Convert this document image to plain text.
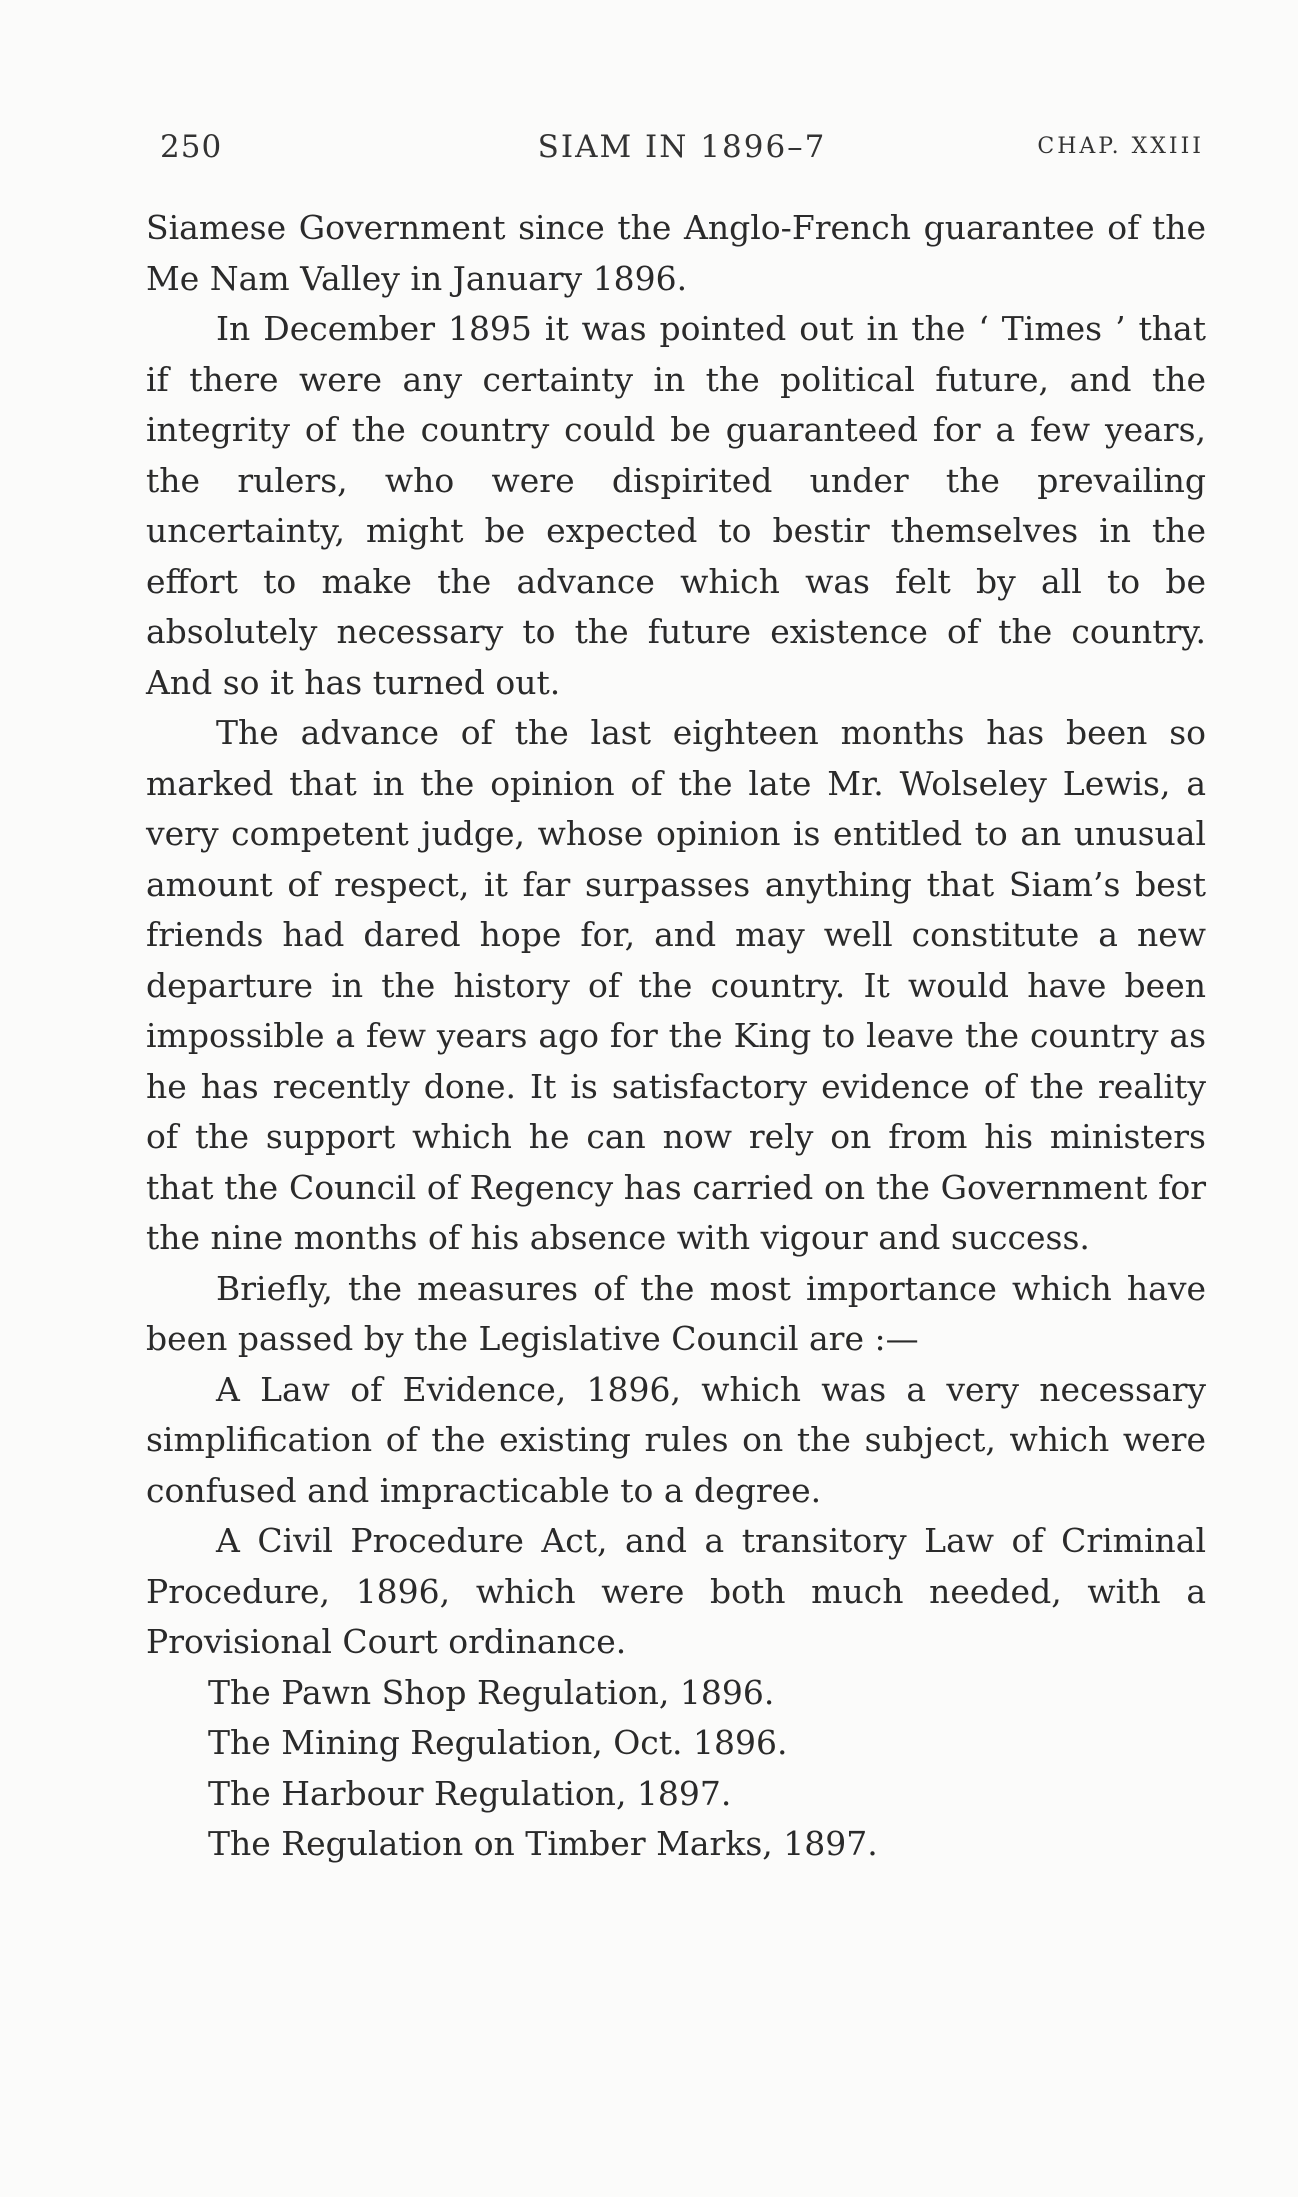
250	SIAM IN 1896–7	CHAP. XXIII

Siamese Government since the Anglo-French guarantee of the Me Nam Valley in January 1896.

In December 1895 it was pointed out in the ‘ Times ’ that if there were any certainty in the political future, and the integrity of the country could be guaranteed for a few years, the rulers, who were dispirited under the prevailing uncertainty, might be expected to bestir themselves in the effort to make the advance which was felt by all to be absolutely necessary to the future existence of the country. And so it has turned out.

The advance of the last eighteen months has been so marked that in the opinion of the late Mr. Wolseley Lewis, a very competent judge, whose opinion is entitled to an unusual amount of respect, it far surpasses anything that Siam’s best friends had dared hope for, and may well constitute a new departure in the history of the country. It would have been impossible a few years ago for the King to leave the country as he has recently done. It is satisfactory evidence of the reality of the support which he can now rely on from his ministers that the Council of Regency has carried on the Government for the nine months of his absence with vigour and success.

Briefly, the measures of the most importance which have been passed by the Legislative Council are :—

A Law of Evidence, 1896, which was a very necessary simplification of the existing rules on the subject, which were confused and impracticable to a degree.

A Civil Procedure Act, and a transitory Law of Criminal Procedure, 1896, which were both much needed, with a Provisional Court ordinance.

The Pawn Shop Regulation, 1896.

The Mining Regulation, Oct. 1896.

The Harbour Regulation, 1897.

The Regulation on Timber Marks, 1897.
